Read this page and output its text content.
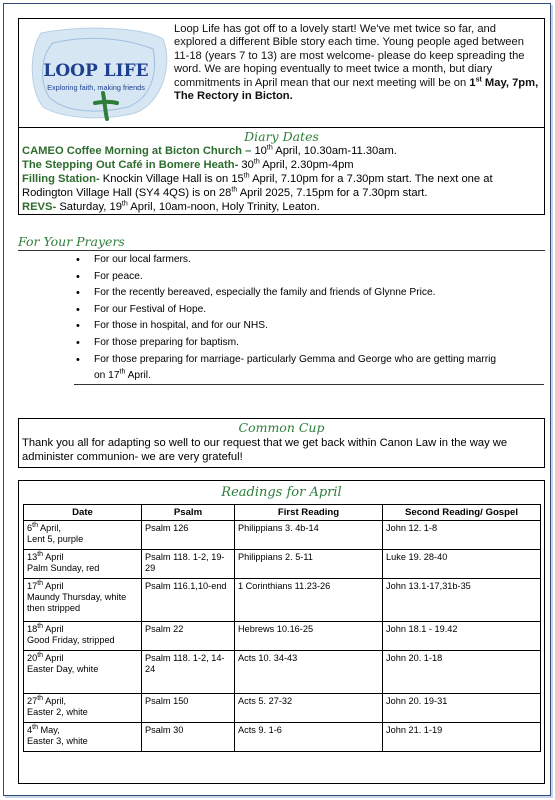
LOOP LIFE
Exploring faith, making friends
Loop Life has got off to a lovely start! We've met twice so far, and explored a different Bible story each time. Young people aged between 11-18 (years 7 to 13) are most welcome- please do keep spreading the word. We are hoping eventually to meet twice a month, but diary commitments in April mean that our next meeting will be on 1st May, 7pm, The Rectory in Bicton.
Diary Dates
CAMEO Coffee Morning at Bicton Church – 10th April, 10.30am-11.30am.
The Stepping Out Café in Bomere Heath- 30th April, 2.30pm-4pm
Filling Station- Knockin Village Hall is on 15th April, 7.10pm for a 7.30pm start. The next one at
Rodington Village Hall (SY4 4QS) is on 28th April 2025, 7.15pm for a 7.30pm start.
REVS- Saturday, 19th April, 10am-noon, Holy Trinity, Leaton.
For Your Prayers
• For our local farmers.
• For peace.
• For the recently bereaved, especially the family and friends of Glynne Price.
• For our Festival of Hope.
• For those in hospital, and for our NHS.
• For those preparing for baptism.
• For those preparing for marriage- particularly Gemma and George who are getting marrig
on 17th April.
Common Cup
Thank you all for adapting so well to our request that we get back within Canon Law in the way we administer communion- we are very grateful!
Readings for April
Date	Psalm	First Reading	Second Reading/ Gospel
6th April,
Lent 5, purple	Psalm 126	Philippians 3. 4b-14	John 12. 1-8
13th April
Palm Sunday, red	Psalm 118. 1-2, 19-29	Philippians 2. 5-11	Luke 19. 28-40
17th April
Maundy Thursday, white then stripped	Psalm 116.1,10-end	1 Corinthians 11.23-26	John 13.1-17,31b-35
18th April
Good Friday, stripped	Psalm 22	Hebrews 10.16-25	John 18.1 - 19.42
20th April
Easter Day, white	Psalm 118. 1-2, 14-24	Acts 10. 34-43	John 20. 1-18
27th April,
Easter 2, white	Psalm 150	Acts 5. 27-32	John 20. 19-31
4th May,
Easter 3, white	Psalm 30	Acts 9. 1-6	John 21. 1-19
